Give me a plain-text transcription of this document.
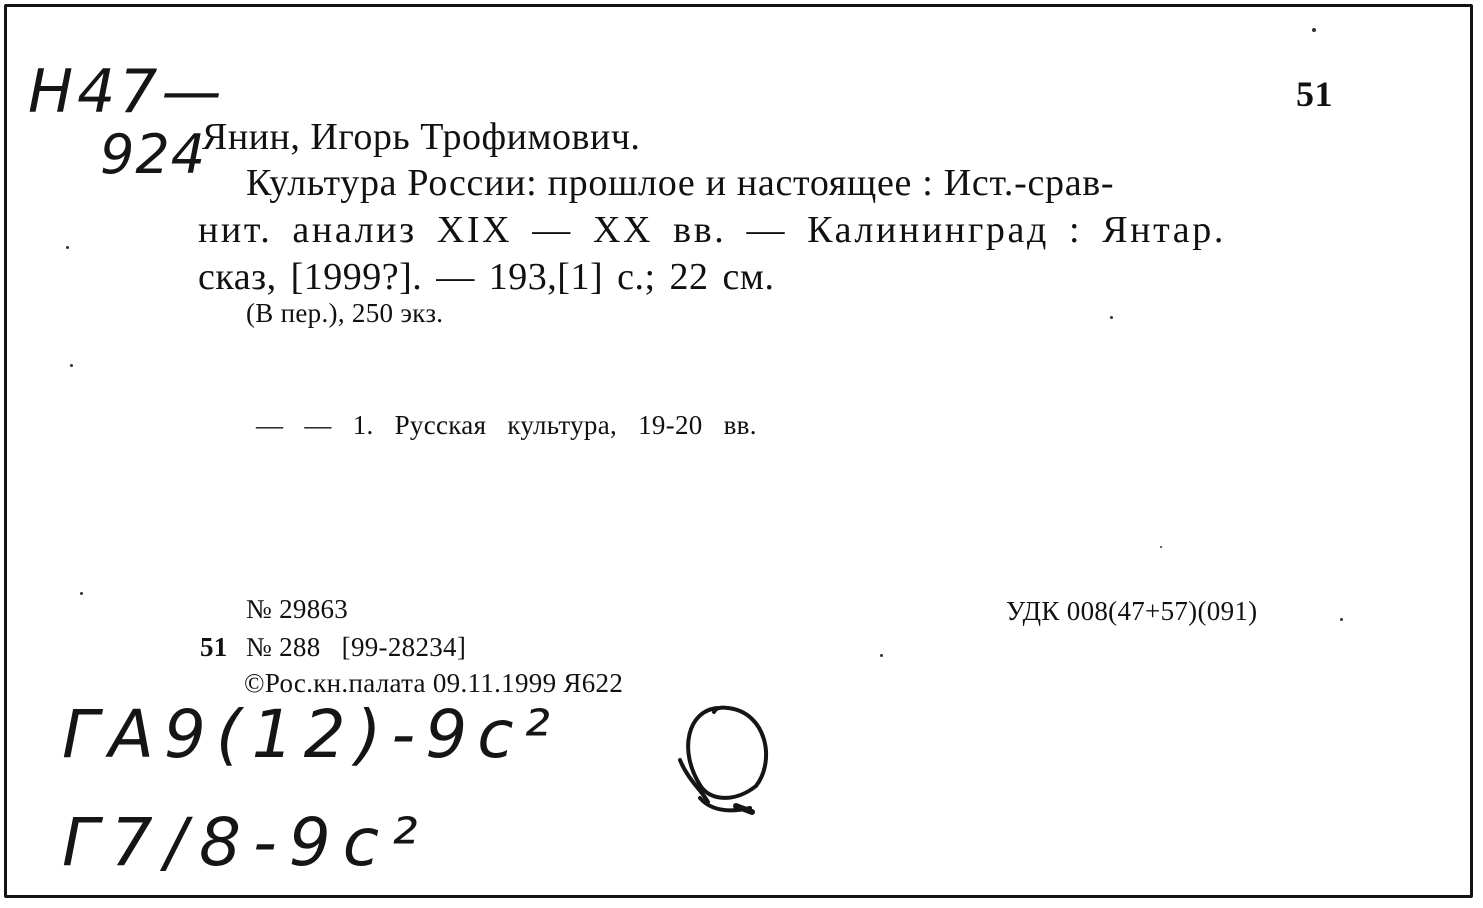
Н47—
924
51
Янин, Игорь Трофимович.
Культура России: прошлое и настоящее : Ист.-срав-
нит. анализ XIX — XX вв. — Калининград : Янтар.
сказ, [1999?]. — 193,[1] с.; 22 см.
(В пер.), 250 экз.
— — 1. Русская культура, 19-20 вв.
№ 29863
51 № 288   [99-28234]
УДК 008(47+57)(091)
©Рос.кн.палата 09.11.1999 Я622
ГА9(12)-9с²
Г7/8-9с²
